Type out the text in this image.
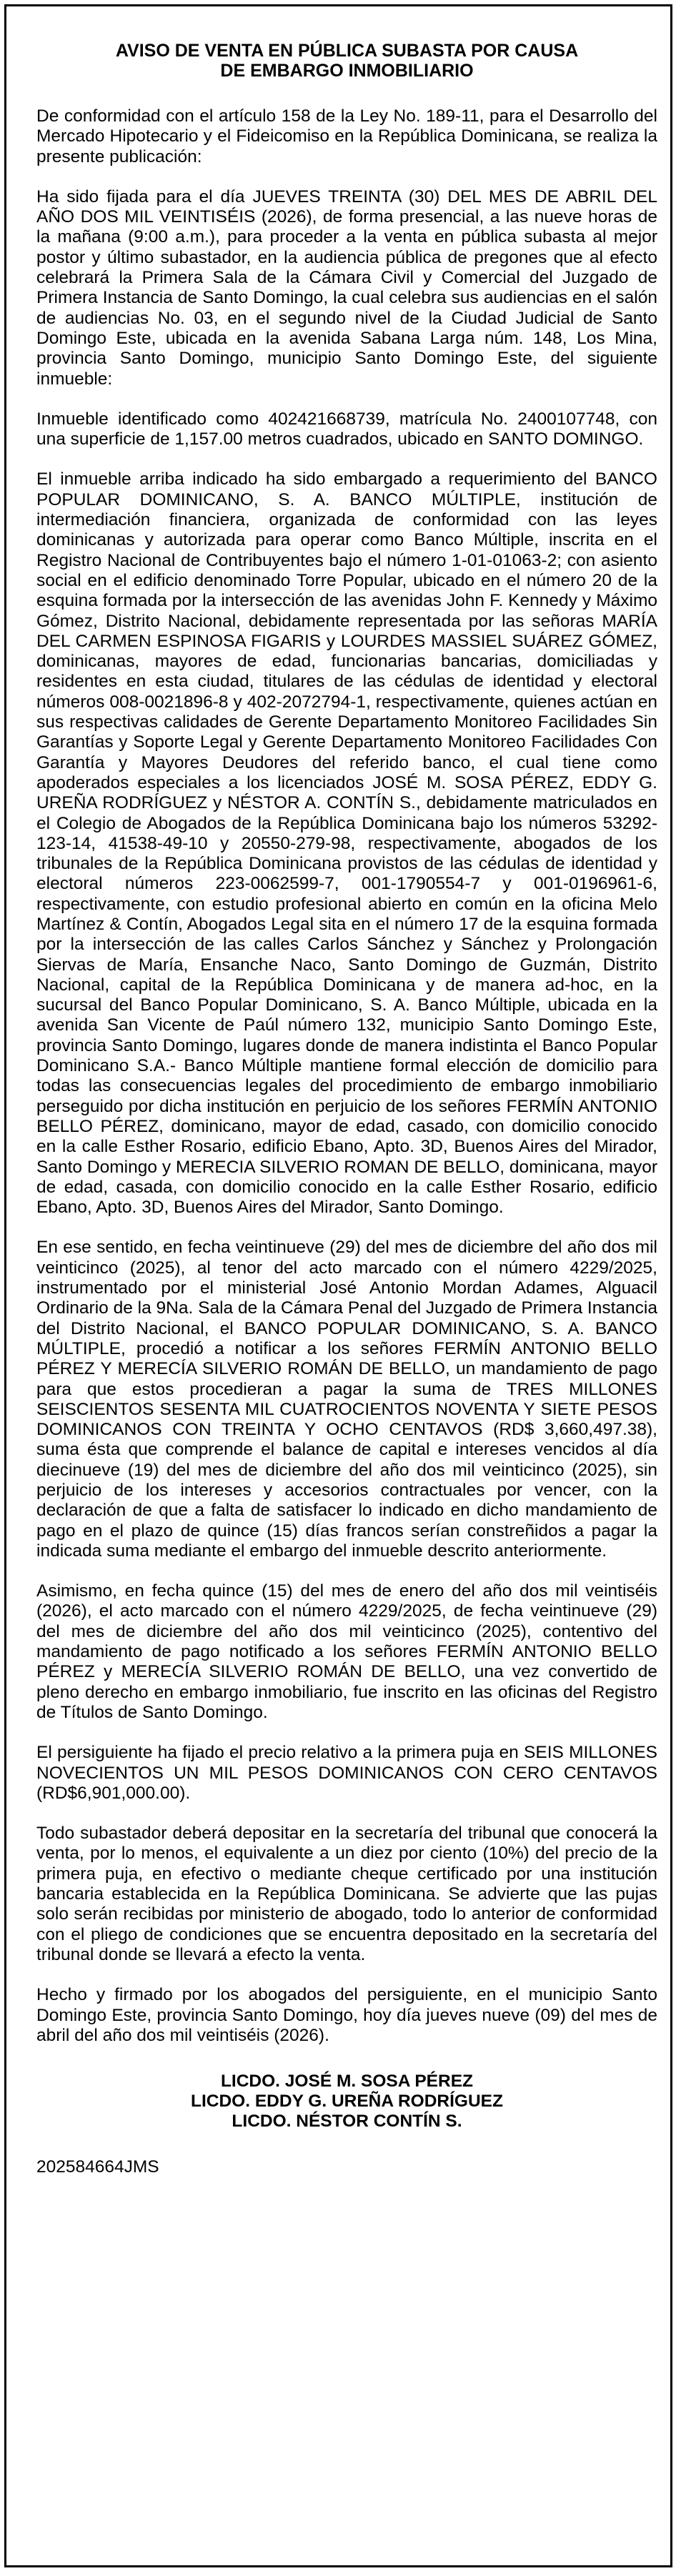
AVISO DE VENTA EN PÚBLICA SUBASTA POR CAUSA

DE EMBARGO INMOBILIARIO

De conformidad con el artículo 158 de la Ley No. 189-11, para el Desarrollo del Mercado Hipotecario y el Fideicomiso en la República Dominicana, se realiza la presente publicación:

Ha sido fijada para el día JUEVES TREINTA (30) DEL MES DE ABRIL DEL AÑO DOS MIL VEINTISÉIS (2026), de forma presencial, a las nueve horas de la mañana (9:00 a.m.), para proceder a la venta en pública subasta al mejor postor y último subastador, en la audiencia pública de pregones que al efecto celebrará la Primera Sala de la Cámara Civil y Comercial del Juzgado de Primera Instancia de Santo Domingo, la cual celebra sus audiencias en el salón de audiencias No. 03, en el segundo nivel de la Ciudad Judicial de Santo Domingo Este, ubicada en la avenida Sabana Larga núm. 148, Los Mina, provincia Santo Domingo, municipio Santo Domingo Este, del siguiente inmueble:

Inmueble identificado como 402421668739, matrícula No. 2400107748, con una superficie de 1,157.00 metros cuadrados, ubicado en SANTO DOMINGO.

El inmueble arriba indicado ha sido embargado a requerimiento del BANCO POPULAR DOMINICANO, S. A. BANCO MÚLTIPLE, institución de intermediación financiera, organizada de conformidad con las leyes dominicanas y autorizada para operar como Banco Múltiple, inscrita en el Registro Nacional de Contribuyentes bajo el número 1-01-01063-2; con asiento social en el edificio denominado Torre Popular, ubicado en el número 20 de la esquina formada por la intersección de las avenidas John F. Kennedy y Máximo Gómez, Distrito Nacional, debidamente representada por las señoras MARÍA DEL CARMEN ESPINOSA FIGARIS y LOURDES MASSIEL SUÁREZ GÓMEZ, dominicanas, mayores de edad, funcionarias bancarias, domiciliadas y residentes en esta ciudad, titulares de las cédulas de identidad y electoral números 008-0021896-8 y 402-2072794-1, respectivamente, quienes actúan en sus respectivas calidades de Gerente Departamento Monitoreo Facilidades Sin Garantías y Soporte Legal y Gerente Departamento Monitoreo Facilidades Con Garantía y Mayores Deudores del referido banco, el cual tiene como apoderados especiales a los licenciados JOSÉ M. SOSA PÉREZ, EDDY G. UREÑA RODRÍGUEZ y NÉSTOR A. CONTÍN S., debidamente matriculados en el Colegio de Abogados de la República Dominicana bajo los números 53292-123-14, 41538-49-10 y 20550-279-98, respectivamente, abogados de los tribunales de la República Dominicana provistos de las cédulas de identidad y electoral números 223-0062599-7, 001-1790554-7 y 001-0196961-6, respectivamente, con estudio profesional abierto en común en la oficina Melo Martínez & Contín, Abogados Legal sita en el número 17 de la esquina formada por la intersección de las calles Carlos Sánchez y Sánchez y Prolongación Siervas de María, Ensanche Naco, Santo Domingo de Guzmán, Distrito Nacional, capital de la República Dominicana y de manera ad-hoc, en la sucursal del Banco Popular Dominicano, S. A. Banco Múltiple, ubicada en la avenida San Vicente de Paúl número 132, municipio Santo Domingo Este, provincia Santo Domingo, lugares donde de manera indistinta el Banco Popular Dominicano S.A.- Banco Múltiple mantiene formal elección de domicilio para todas las consecuencias legales del procedimiento de embargo inmobiliario perseguido por dicha institución en perjuicio de los señores FERMÍN ANTONIO BELLO PÉREZ, dominicano, mayor de edad, casado, con domicilio conocido en la calle Esther Rosario, edificio Ebano, Apto. 3D, Buenos Aires del Mirador, Santo Domingo y MERECIA SILVERIO ROMAN DE BELLO, dominicana, mayor de edad, casada, con domicilio conocido en la calle Esther Rosario, edificio Ebano, Apto. 3D, Buenos Aires del Mirador, Santo Domingo.

En ese sentido, en fecha veintinueve (29) del mes de diciembre del año dos mil veinticinco (2025), al tenor del acto marcado con el número 4229/2025, instrumentado por el ministerial José Antonio Mordan Adames, Alguacil Ordinario de la 9Na. Sala de la Cámara Penal del Juzgado de Primera Instancia del Distrito Nacional, el BANCO POPULAR DOMINICANO, S. A. BANCO MÚLTIPLE, procedió a notificar a los señores FERMÍN ANTONIO BELLO PÉREZ Y MERECÍA SILVERIO ROMÁN DE BELLO, un mandamiento de pago para que estos procedieran a pagar la suma de TRES MILLONES SEISCIENTOS SESENTA MIL CUATROCIENTOS NOVENTA Y SIETE PESOS DOMINICANOS CON TREINTA Y OCHO CENTAVOS (RD$ 3,660,497.38), suma ésta que comprende el balance de capital e intereses vencidos al día diecinueve (19) del mes de diciembre del año dos mil veinticinco (2025), sin perjuicio de los intereses y accesorios contractuales por vencer, con la declaración de que a falta de satisfacer lo indicado en dicho mandamiento de pago en el plazo de quince (15) días francos serían constreñidos a pagar la indicada suma mediante el embargo del inmueble descrito anteriormente.

Asimismo, en fecha quince (15) del mes de enero del año dos mil veintiséis (2026), el acto marcado con el número 4229/2025, de fecha veintinueve (29) del mes de diciembre del año dos mil veinticinco (2025), contentivo del mandamiento de pago notificado a los señores FERMÍN ANTONIO BELLO PÉREZ y MERECÍA SILVERIO ROMÁN DE BELLO, una vez convertido de pleno derecho en embargo inmobiliario, fue inscrito en las oficinas del Registro de Títulos de Santo Domingo.

El persiguiente ha fijado el precio relativo a la primera puja en SEIS MILLONES NOVECIENTOS UN MIL PESOS DOMINICANOS CON CERO CENTAVOS (RD$6,901,000.00).

Todo subastador deberá depositar en la secretaría del tribunal que conocerá la venta, por lo menos, el equivalente a un diez por ciento (10%) del precio de la primera puja, en efectivo o mediante cheque certificado por una institución bancaria establecida en la República Dominicana. Se advierte que las pujas solo serán recibidas por ministerio de abogado, todo lo anterior de conformidad con el pliego de condiciones que se encuentra depositado en la secretaría del tribunal donde se llevará a efecto la venta.

Hecho y firmado por los abogados del persiguiente, en el municipio Santo Domingo Este, provincia Santo Domingo, hoy día jueves nueve (09) del mes de abril del año dos mil veintiséis (2026).

LICDO. JOSÉ M. SOSA PÉREZ

LICDO. EDDY G. UREÑA RODRÍGUEZ

LICDO. NÉSTOR CONTÍN S.

202584664JMS
